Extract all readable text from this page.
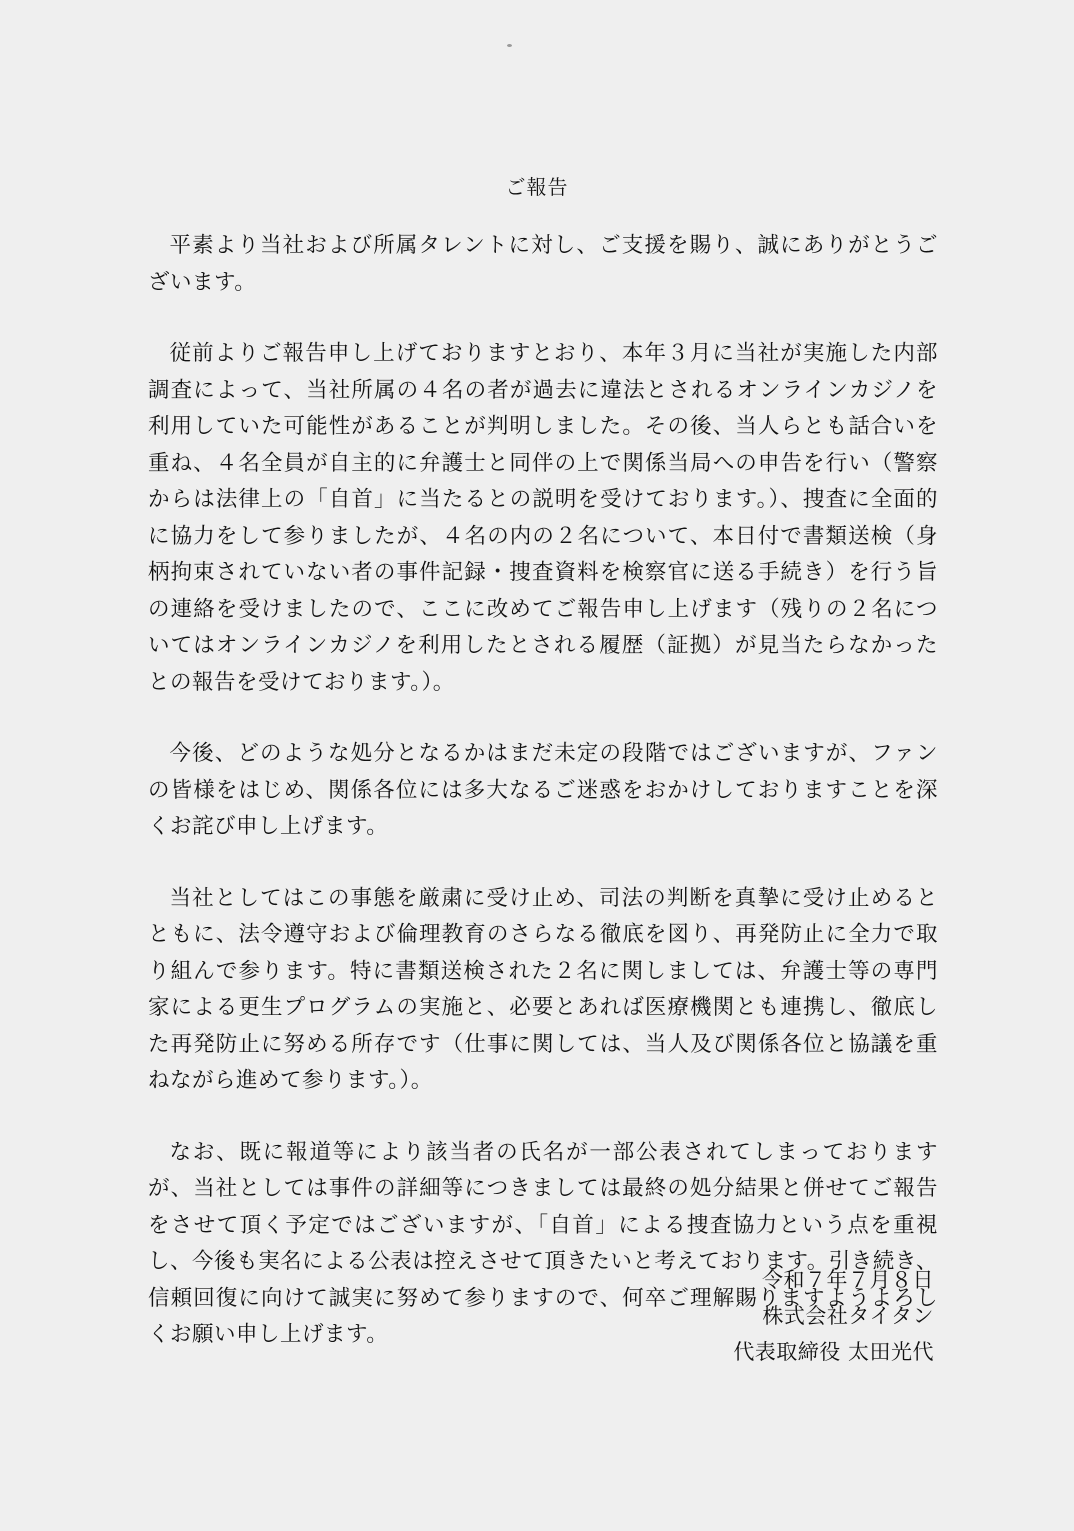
ご報告

平素より当社および所属タレントに対し、ご支援を賜り、誠にありがとうございます。

従前よりご報告申し上げておりますとおり、本年３月に当社が実施した内部調査によって、当社所属の４名の者が過去に違法とされるオンラインカジノを利用していた可能性があることが判明しました。その後、当人らとも話合いを重ね、４名全員が自主的に弁護士と同伴の上で関係当局への申告を行い（警察からは法律上の「自首」に当たるとの説明を受けております。）、捜査に全面的に協力をして参りましたが、４名の内の２名について、本日付で書類送検（身柄拘束されていない者の事件記録・捜査資料を検察官に送る手続き）を行う旨の連絡を受けましたので、ここに改めてご報告申し上げます（残りの２名についてはオンラインカジノを利用したとされる履歴（証拠）が見当たらなかったとの報告を受けております。）。

今後、どのような処分となるかはまだ未定の段階ではございますが、ファンの皆様をはじめ、関係各位には多大なるご迷惑をおかけしておりますことを深くお詫び申し上げます。

当社としてはこの事態を厳粛に受け止め、司法の判断を真摯に受け止めるとともに、法令遵守および倫理教育のさらなる徹底を図り、再発防止に全力で取り組んで参ります。特に書類送検された２名に関しましては、弁護士等の専門家による更生プログラムの実施と、必要とあれば医療機関とも連携し、徹底した再発防止に努める所存です（仕事に関しては、当人及び関係各位と協議を重ねながら進めて参ります。）。

なお、既に報道等により該当者の氏名が一部公表されてしまっておりますが、当社としては事件の詳細等につきましては最終の処分結果と併せてご報告をさせて頂く予定ではございますが、「自首」による捜査協力という点を重視し、今後も実名による公表は控えさせて頂きたいと考えております。引き続き、信頼回復に向けて誠実に努めて参りますので、何卒ご理解賜りますようよろしくお願い申し上げます。

令和７年７月８日
株式会社タイタン
代表取締役 太田光代
